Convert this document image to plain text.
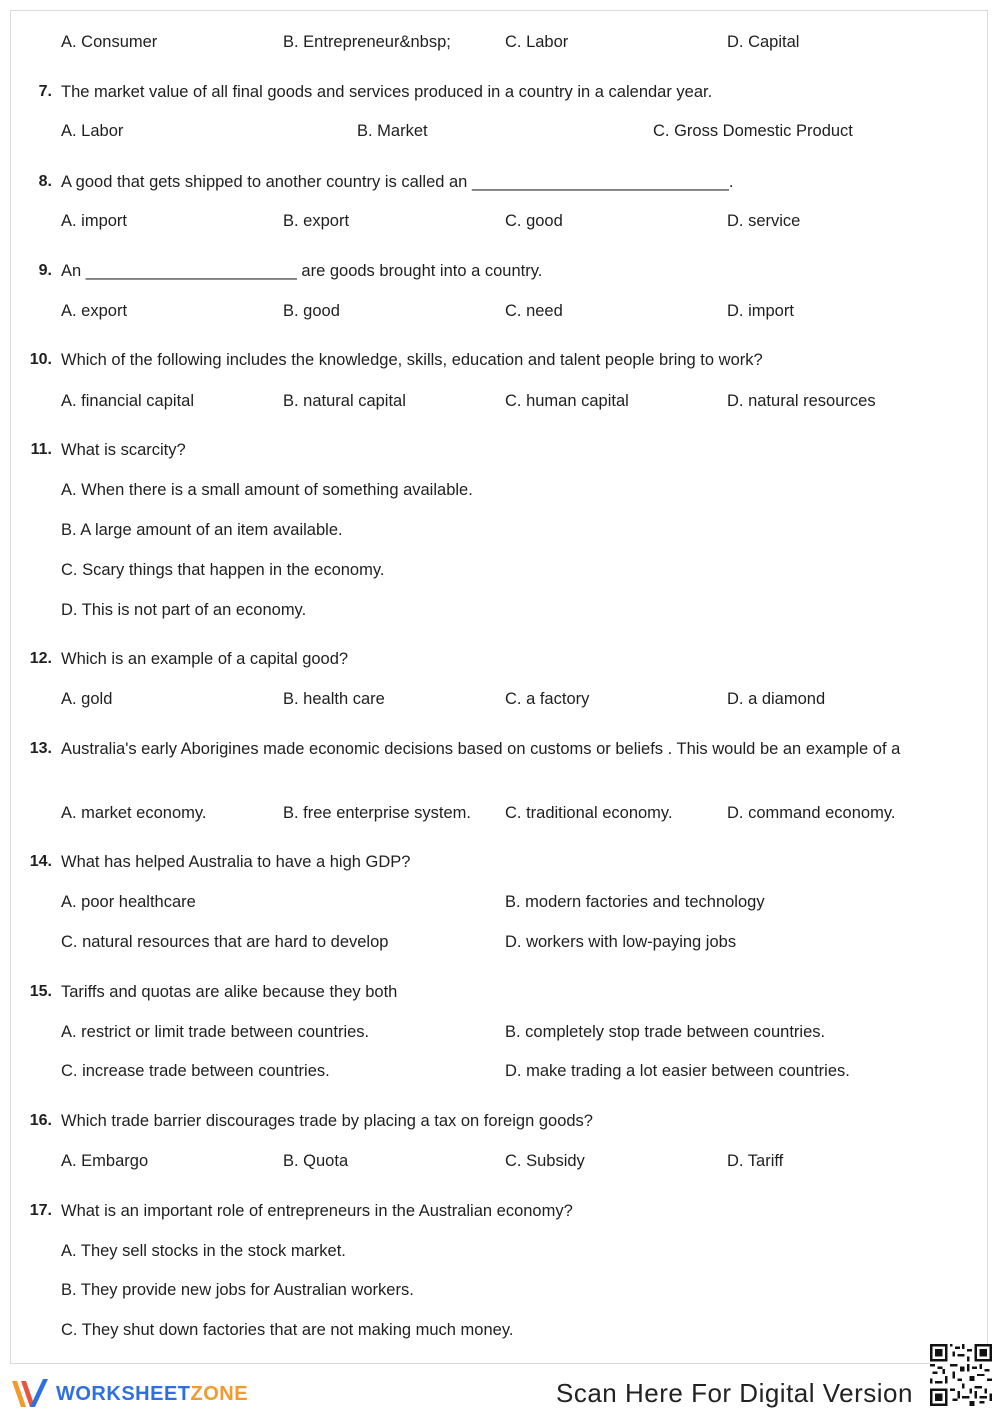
A. Consumer	B. Entrepreneur&nbsp;	C. Labor	D. Capital
7. The market value of all final goods and services produced in a country in a calendar year.
A. Labor	B. Market	C. Gross Domestic Product
8. A good that gets shipped to another country is called an ____________________________.
A. import	B. export	C. good	D. service
9. An _______________________ are goods brought into a country.
A. export	B. good	C. need	D. import
10. Which of the following includes the knowledge, skills, education and talent people bring to work?
A. financial capital	B. natural capital	C. human capital	D. natural resources
11. What is scarcity?
A. When there is a small amount of something available.
B. A large amount of an item available.
C. Scary things that happen in the economy.
D. This is not part of an economy.
12. Which is an example of a capital good?
A. gold	B. health care	C. a factory	D. a diamond
13. Australia's early Aborigines made economic decisions based on customs or beliefs . This would be an example of a
A. market economy.	B. free enterprise system. C. traditional economy.	D. command economy.
14. What has helped Australia to have a high GDP?
A. poor healthcare	B. modern factories and technology
C. natural resources that are hard to develop	D. workers with low-paying jobs
15. Tariffs and quotas are alike because they both
A. restrict or limit trade between countries.	B. completely stop trade between countries.
C. increase trade between countries.	D. make trading a lot easier between countries.
16. Which trade barrier discourages trade by placing a tax on foreign goods?
A. Embargo	B. Quota	C. Subsidy	D. Tariff
17. What is an important role of entrepreneurs in the Australian economy?
A. They sell stocks in the stock market.
B. They provide new jobs for Australian workers.
C. They shut down factories that are not making much money.
WORKSHEETZONE	Scan Here For Digital Version
